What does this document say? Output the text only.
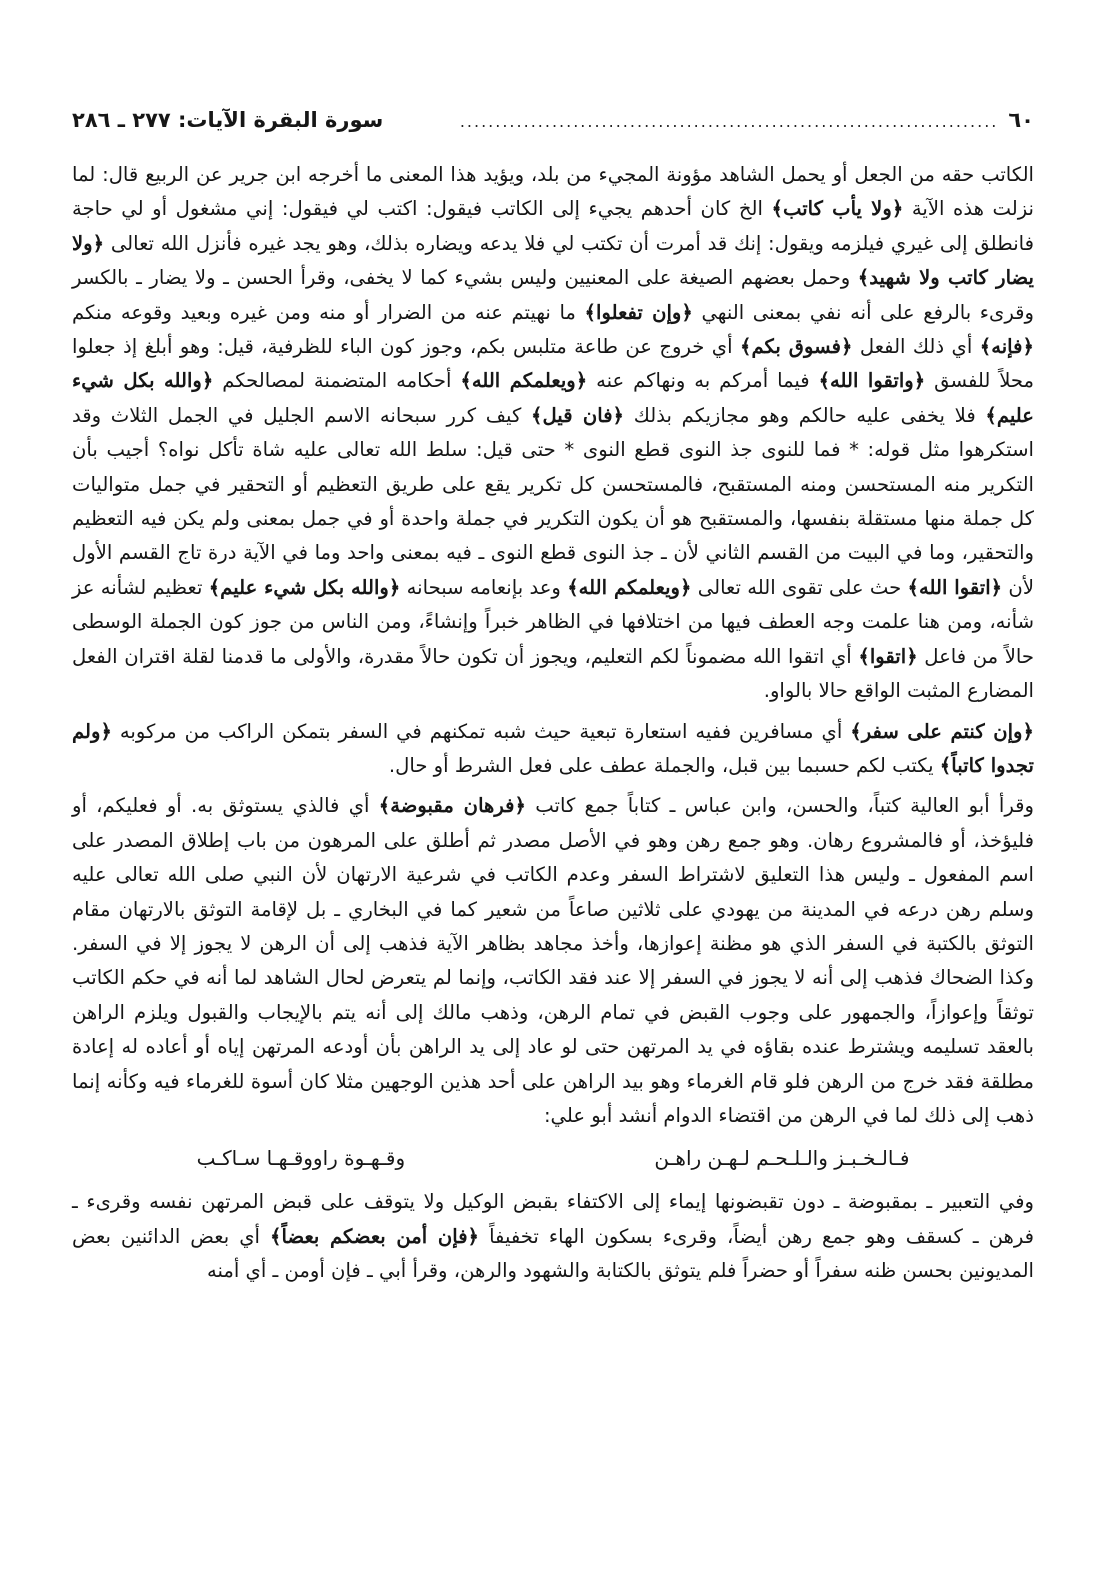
٦٠
............................................................................
سورة البقرة الآيات: ٢٧٧ ـ ٢٨٦

الكاتب حقه من الجعل أو يحمل الشاهد مؤونة المجيء من بلد، ويؤيد هذا المعنى ما أخرجه ابن جرير عن الربيع قال: لما نزلت هذه الآية ﴿ولا يأب كاتب﴾ الخ كان أحدهم يجيء إلى الكاتب فيقول: اكتب لي فيقول: إني مشغول أو لي حاجة فانطلق إلى غيري فيلزمه ويقول: إنك قد أمرت أن تكتب لي فلا يدعه ويضاره بذلك، وهو يجد غيره فأنزل الله تعالى ﴿ولا يضار كاتب ولا شهيد﴾ وحمل بعضهم الصيغة على المعنيين وليس بشيء كما لا يخفى، وقرأ الحسن ـ ولا يضار ـ بالكسر وقرىء بالرفع على أنه نفي بمعنى النهي ﴿وإن تفعلوا﴾ ما نهيتم عنه من الضرار أو منه ومن غيره وبعيد وقوعه منكم ﴿فإنه﴾ أي ذلك الفعل ﴿فسوق بكم﴾ أي خروج عن طاعة متلبس بكم، وجوز كون الباء للظرفية، قيل: وهو أبلغ إذ جعلوا محلاً للفسق ﴿واتقوا الله﴾ فيما أمركم به ونهاكم عنه ﴿ويعلمكم الله﴾ أحكامه المتضمنة لمصالحكم ﴿والله بكل شيء عليم﴾ فلا يخفى عليه حالكم وهو مجازيكم بذلك ﴿فان قيل﴾ كيف كرر سبحانه الاسم الجليل في الجمل الثلاث وقد استكرهوا مثل قوله: * فما للنوى جذ النوى قطع النوى * حتى قيل: سلط الله تعالى عليه شاة تأكل نواه؟ أجيب بأن التكرير منه المستحسن ومنه المستقبح، فالمستحسن كل تكرير يقع على طريق التعظيم أو التحقير في جمل متواليات كل جملة منها مستقلة بنفسها، والمستقبح هو أن يكون التكرير في جملة واحدة أو في جمل بمعنى ولم يكن فيه التعظيم والتحقير، وما في البيت من القسم الثاني لأن ـ جذ النوى قطع النوى ـ فيه بمعنى واحد وما في الآية درة تاج القسم الأول لأن ﴿اتقوا الله﴾ حث على تقوى الله تعالى ﴿ويعلمكم الله﴾ وعد بإنعامه سبحانه ﴿والله بكل شيء عليم﴾ تعظيم لشأنه عز شأنه، ومن هنا علمت وجه العطف فيها من اختلافها في الظاهر خبراً وإنشاءً، ومن الناس من جوز كون الجملة الوسطى حالاً من فاعل ﴿اتقوا﴾ أي اتقوا الله مضموناً لكم التعليم، ويجوز أن تكون حالاً مقدرة، والأولى ما قدمنا لقلة اقتران الفعل المضارع المثبت الواقع حالا بالواو.

﴿وإن كنتم على سفر﴾ أي مسافرين ففيه استعارة تبعية حيث شبه تمكنهم في السفر بتمكن الراكب من مركوبه ﴿ولم تجدوا كاتباً﴾ يكتب لكم حسبما بين قبل، والجملة عطف على فعل الشرط أو حال.

وقرأ أبو العالية كتباً، والحسن، وابن عباس ـ كتاباً جمع كاتب ﴿فرهان مقبوضة﴾ أي فالذي يستوثق به. أو فعليكم، أو فليؤخذ، أو فالمشروع رهان. وهو جمع رهن وهو في الأصل مصدر ثم أطلق على المرهون من باب إطلاق المصدر على اسم المفعول ـ وليس هذا التعليق لاشتراط السفر وعدم الكاتب في شرعية الارتهان لأن النبي صلى الله تعالى عليه وسلم رهن درعه في المدينة من يهودي على ثلاثين صاعاً من شعير كما في البخاري ـ بل لإقامة التوثق بالارتهان مقام التوثق بالكتبة في السفر الذي هو مظنة إعوازها، وأخذ مجاهد بظاهر الآية فذهب إلى أن الرهن لا يجوز إلا في السفر. وكذا الضحاك فذهب إلى أنه لا يجوز في السفر إلا عند فقد الكاتب، وإنما لم يتعرض لحال الشاهد لما أنه في حكم الكاتب توثقاً وإعوازاً، والجمهور على وجوب القبض في تمام الرهن، وذهب مالك إلى أنه يتم بالإيجاب والقبول ويلزم الراهن بالعقد تسليمه ويشترط عنده بقاؤه في يد المرتهن حتى لو عاد إلى يد الراهن بأن أودعه المرتهن إياه أو أعاده له إعادة مطلقة فقد خرج من الرهن فلو قام الغرماء وهو بيد الراهن على أحد هذين الوجهين مثلا كان أسوة للغرماء فيه وكأنه إنما ذهب إلى ذلك لما في الرهن من اقتضاء الدوام أنشد أبو علي:

فـالـخـبـز والـلـحـم لـهـن راهـن
وقـهـوة راووقـهـا سـاكـب

وفي التعبير ـ بمقبوضة ـ دون تقبضونها إيماء إلى الاكتفاء بقبض الوكيل ولا يتوقف على قبض المرتهن نفسه وقرىء ـ فرهن ـ كسقف وهو جمع رهن أيضاً، وقرىء بسكون الهاء تخفيفاً ﴿فإن أمن بعضكم بعضاً﴾ أي بعض الدائنين بعض المديونين بحسن ظنه سفراً أو حضراً فلم يتوثق بالكتابة والشهود والرهن، وقرأ أبي ـ فإن أومن ـ أي أمنه
